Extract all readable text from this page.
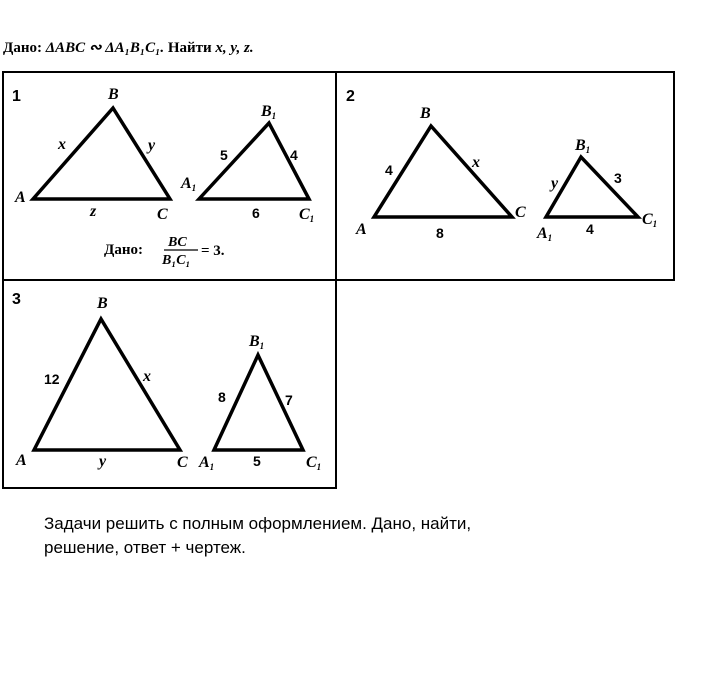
Дано: ΔABC ∾ ΔA₁B₁C₁. Найти x, y, z.
1
A
B
C
x	y
z
A1
B1
C1
5	4
6
Дано: BC
B₁C₁
= 3.
2
A
B
C
4	x
8	A1
B1
C1
y	3
4
3
A
B
C
12	x
y	A1
B1
C1
8	7
5
Задачи решить с полным оформлением. Дано, найти,
решение, ответ + чертеж.
